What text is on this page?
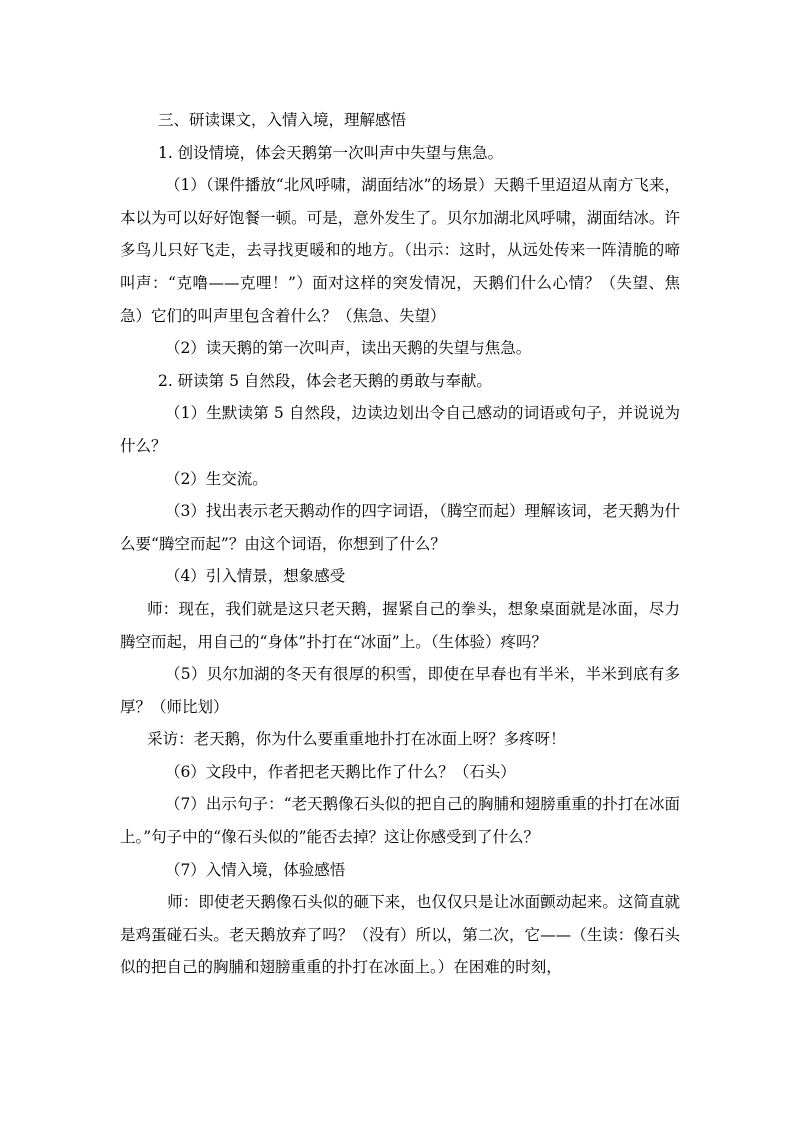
三、研读课文，入情入境，理解感悟

1. 创设情境，体会天鹅第一次叫声中失望与焦急。

（1）（课件播放“北风呼啸，湖面结冰”的场景）天鹅千里迢迢从南方飞来，本以为可以好好饱餐一顿。可是，意外发生了。贝尔加湖北风呼啸，湖面结冰。许多鸟儿只好飞走，去寻找更暖和的地方。（出示：这时，从远处传来一阵清脆的啼叫声：“克噜——克哩！”）面对这样的突发情况，天鹅们什么心情？（失望、焦急）它们的叫声里包含着什么？（焦急、失望）

（2）读天鹅的第一次叫声，读出天鹅的失望与焦急。

2. 研读第 5 自然段，体会老天鹅的勇敢与奉献。

（1）生默读第 5 自然段，边读边划出令自己感动的词语或句子，并说说为什么？

（2）生交流。

（3）找出表示老天鹅动作的四字词语，（腾空而起）理解该词，老天鹅为什么要“腾空而起”？由这个词语，你想到了什么？

（4）引入情景，想象感受

师：现在，我们就是这只老天鹅，握紧自己的拳头，想象桌面就是冰面，尽力腾空而起，用自己的“身体”扑打在“冰面”上。（生体验）疼吗？

（5）贝尔加湖的冬天有很厚的积雪，即使在早春也有半米，半米到底有多厚？（师比划）

采访：老天鹅，你为什么要重重地扑打在冰面上呀？多疼呀！

（6）文段中，作者把老天鹅比作了什么？（石头）

（7）出示句子：“老天鹅像石头似的把自己的胸脯和翅膀重重的扑打在冰面上。”句子中的“像石头似的”能否去掉？这让你感受到了什么？

（7）入情入境，体验感悟

师：即使老天鹅像石头似的砸下来，也仅仅只是让冰面颤动起来。这简直就是鸡蛋碰石头。老天鹅放弃了吗？（没有）所以，第二次，它——（生读：像石头似的把自己的胸脯和翅膀重重的扑打在冰面上。）在困难的时刻，
